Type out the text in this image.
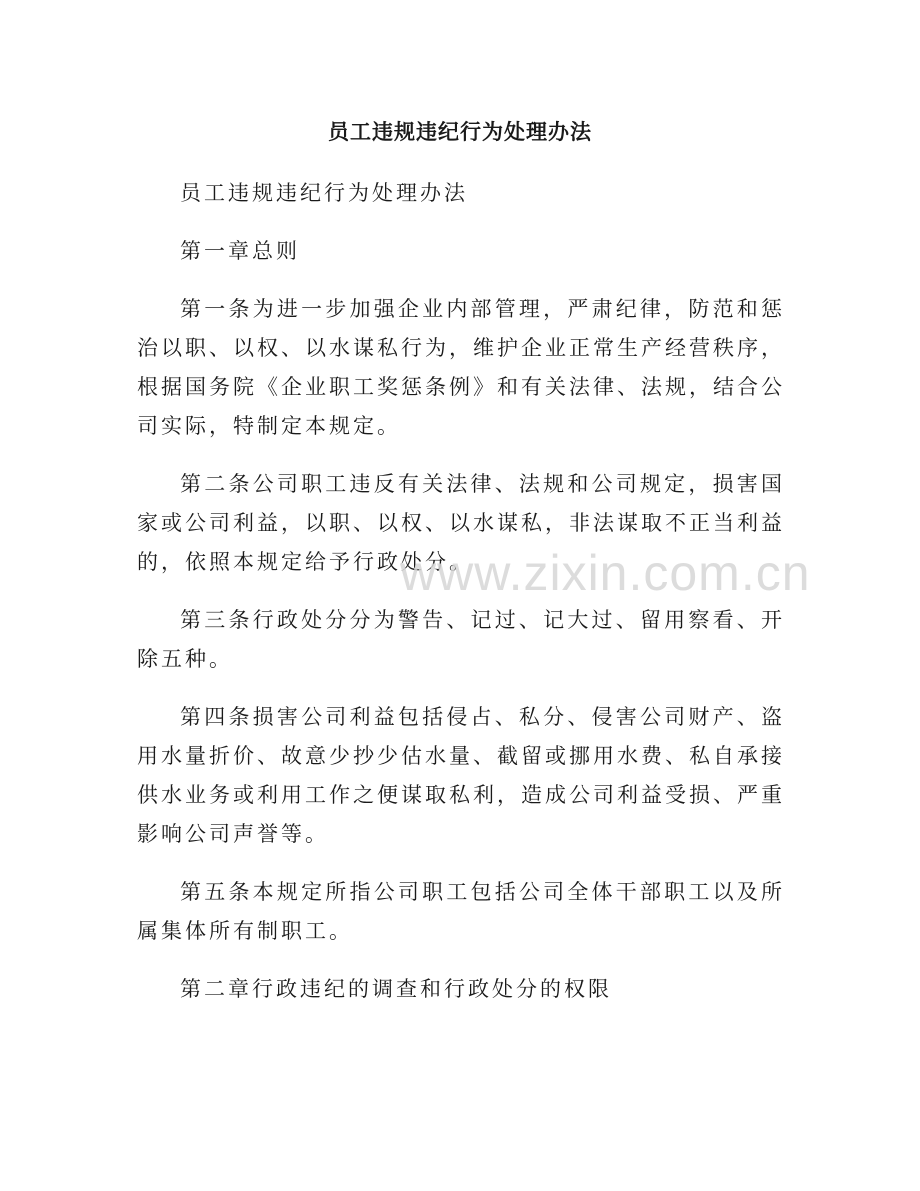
员工违规违纪行为处理办法

员工违规违纪行为处理办法

第一章总则

第一条为进一步加强企业内部管理，严肃纪律，防范和惩治以职、以权、以水谋私行为，维护企业正常生产经营秩序，根据国务院《企业职工奖惩条例》和有关法律、法规，结合公司实际，特制定本规定。

第二条公司职工违反有关法律、法规和公司规定，损害国家或公司利益，以职、以权、以水谋私，非法谋取不正当利益的，依照本规定给予行政处分。

第三条行政处分分为警告、记过、记大过、留用察看、开除五种。

第四条损害公司利益包括侵占、私分、侵害公司财产、盗用水量折价、故意少抄少估水量、截留或挪用水费、私自承接供水业务或利用工作之便谋取私利，造成公司利益受损、严重影响公司声誉等。

第五条本规定所指公司职工包括公司全体干部职工以及所属集体所有制职工。

第二章行政违纪的调查和行政处分的权限

www.zixin.com.cn
